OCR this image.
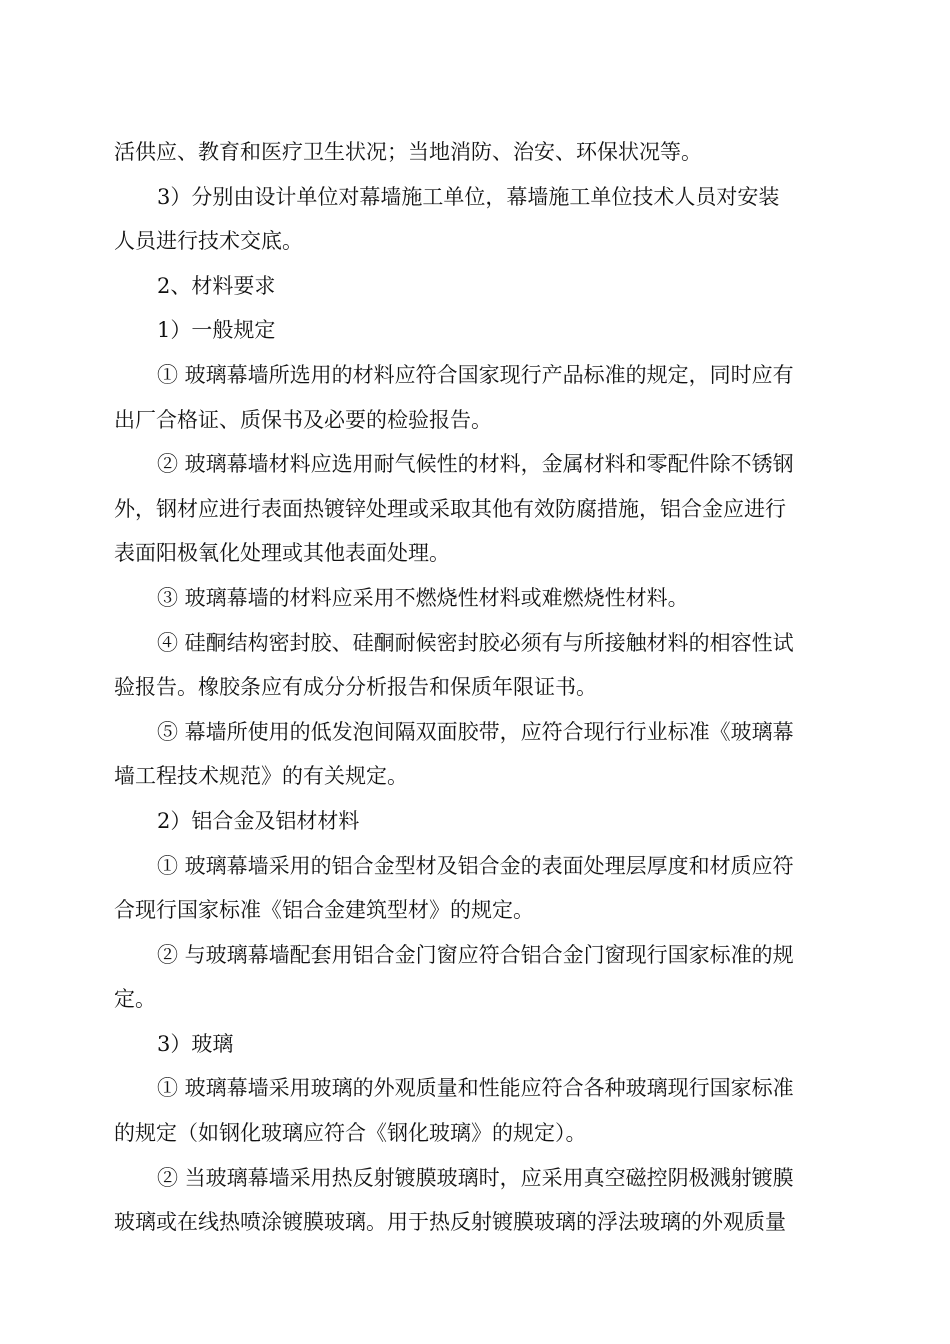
活供应、教育和医疗卫生状况；当地消防、治安、环保状况等。
3）分别由设计单位对幕墙施工单位，幕墙施工单位技术人员对安装
人员进行技术交底。
2、材料要求
1）一般规定
① 玻璃幕墙所选用的材料应符合国家现行产品标准的规定，同时应有
出厂合格证、质保书及必要的检验报告。
② 玻璃幕墙材料应选用耐气候性的材料，金属材料和零配件除不锈钢
外，钢材应进行表面热镀锌处理或采取其他有效防腐措施，铝合金应进行
表面阳极氧化处理或其他表面处理。
③ 玻璃幕墙的材料应采用不燃烧性材料或难燃烧性材料。
④ 硅酮结构密封胶、硅酮耐候密封胶必须有与所接触材料的相容性试
验报告。橡胶条应有成分分析报告和保质年限证书。
⑤ 幕墙所使用的低发泡间隔双面胶带，应符合现行行业标准《玻璃幕
墙工程技术规范》的有关规定。
2）铝合金及铝材材料
① 玻璃幕墙采用的铝合金型材及铝合金的表面处理层厚度和材质应符
合现行国家标准《铝合金建筑型材》的规定。
② 与玻璃幕墙配套用铝合金门窗应符合铝合金门窗现行国家标准的规
定。
3）玻璃
① 玻璃幕墙采用玻璃的外观质量和性能应符合各种玻璃现行国家标准
的规定（如钢化玻璃应符合《钢化玻璃》的规定）。
② 当玻璃幕墙采用热反射镀膜玻璃时，应采用真空磁控阴极溅射镀膜
玻璃或在线热喷涂镀膜玻璃。用于热反射镀膜玻璃的浮法玻璃的外观质量
